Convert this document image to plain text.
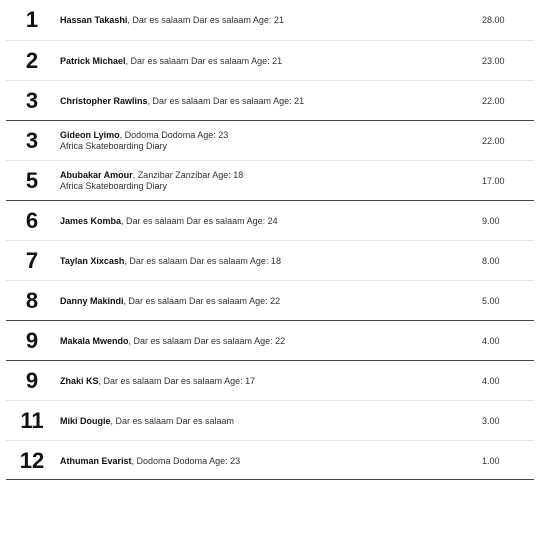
1	Hassan Takashi, Dar es salaam Dar es salaam Age: 21	28.00
2	Patrick Michael, Dar es salaam Dar es salaam Age: 21	23.00
3	Christopher Rawlins, Dar es salaam Dar es salaam Age: 21	22.00
3	Gideon Lyimo, Dodoma Dodoma Age: 23
Africa Skateboarding Diary	22.00
5	Abubakar Amour, Zanzibar Zanzibar Age: 18
Africa Skateboarding Diary	17.00
6	James Komba, Dar es salaam Dar es salaam Age: 24	9.00
7	Taylan Xixcash, Dar es salaam Dar es salaam Age: 18	8.00
8	Danny Makindi, Dar es salaam Dar es salaam Age: 22	5.00
9	Makala Mwendo, Dar es salaam Dar es salaam Age: 22	4.00
9	Zhaki KS, Dar es salaam Dar es salaam Age: 17	4.00
11	Miki Dougie, Dar es salaam Dar es salaam	3.00
12	Athuman Evarist, Dodoma Dodoma Age: 23	1.00
